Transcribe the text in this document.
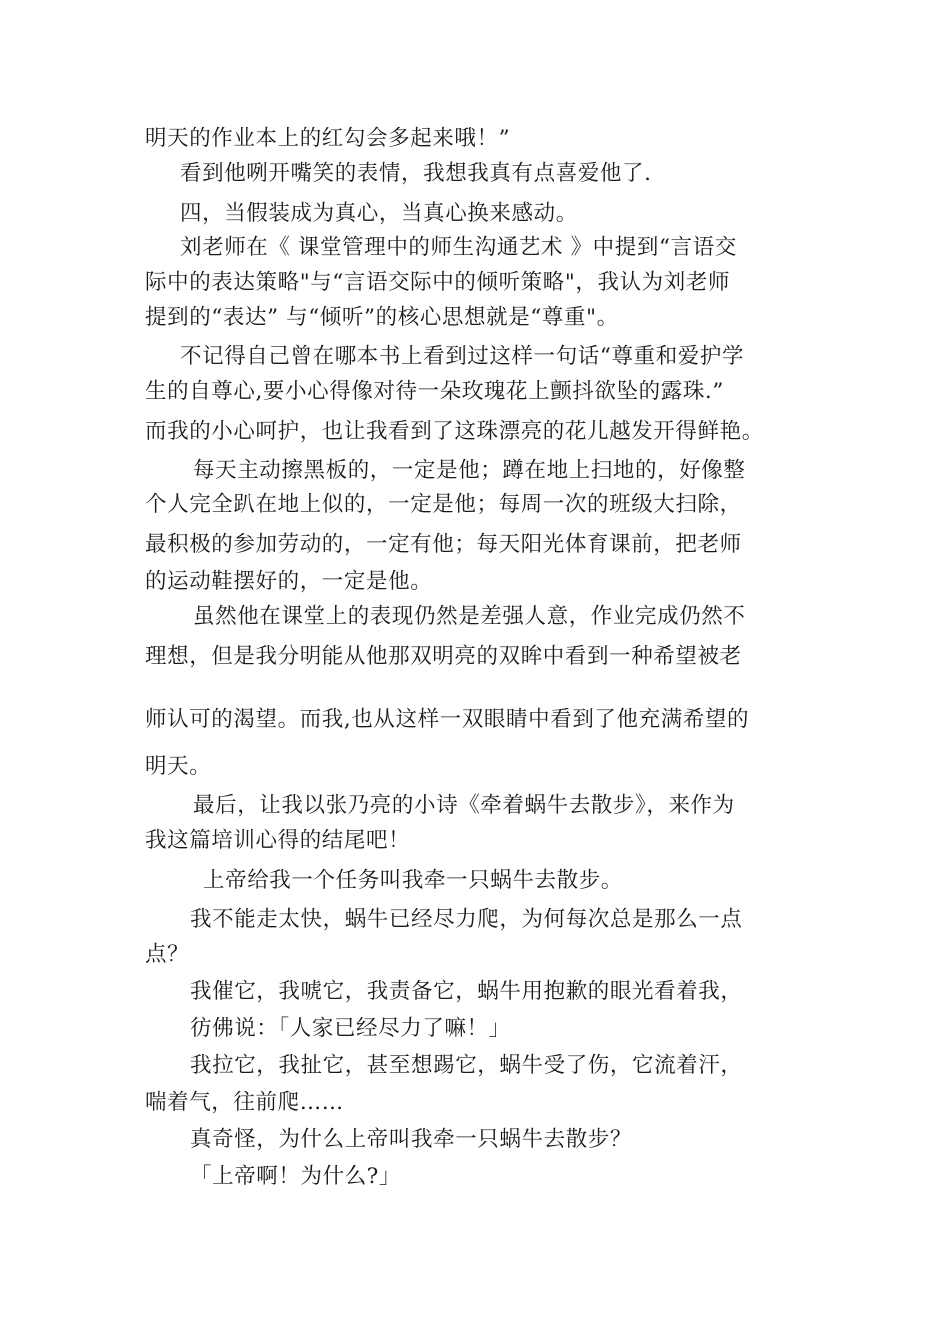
明天的作业本上的红勾会多起来哦！”
看到他咧开嘴笑的表情，我想我真有点喜爱他了.
四，当假装成为真心，当真心换来感动。
刘老师在《 课堂管理中的师生沟通艺术 》中提到“言语交
际中的表达策略"与“言语交际中的倾听策略"，我认为刘老师
提到的“表达” 与“倾听”的核心思想就是“尊重"。
不记得自己曾在哪本书上看到过这样一句话“尊重和爱护学
生的自尊心,要小心得像对待一朵玫瑰花上颤抖欲坠的露珠.”
而我的小心呵护，也让我看到了这珠漂亮的花儿越发开得鲜艳。
每天主动擦黑板的，一定是他；蹲在地上扫地的，好像整
个人完全趴在地上似的，一定是他；每周一次的班级大扫除，
最积极的参加劳动的，一定有他；每天阳光体育课前，把老师
的运动鞋摆好的，一定是他。
虽然他在课堂上的表现仍然是差强人意，作业完成仍然不
理想，但是我分明能从他那双明亮的双眸中看到一种希望被老
师认可的渴望。而我,也从这样一双眼睛中看到了他充满希望的
明天。
最后，让我以张乃亮的小诗《牵着蜗牛去散步》，来作为
我这篇培训心得的结尾吧！
上帝给我一个任务叫我牵一只蜗牛去散步。
我不能走太快，蜗牛已经尽力爬，为何每次总是那么一点
点？
我催它，我唬它，我责备它，蜗牛用抱歉的眼光看着我，
彷佛说：「人家已经尽力了嘛！」
我拉它，我扯它，甚至想踢它，蜗牛受了伤，它流着汗，
喘着气，往前爬……
真奇怪，为什么上帝叫我牵一只蜗牛去散步？
「上帝啊！为什么?」
